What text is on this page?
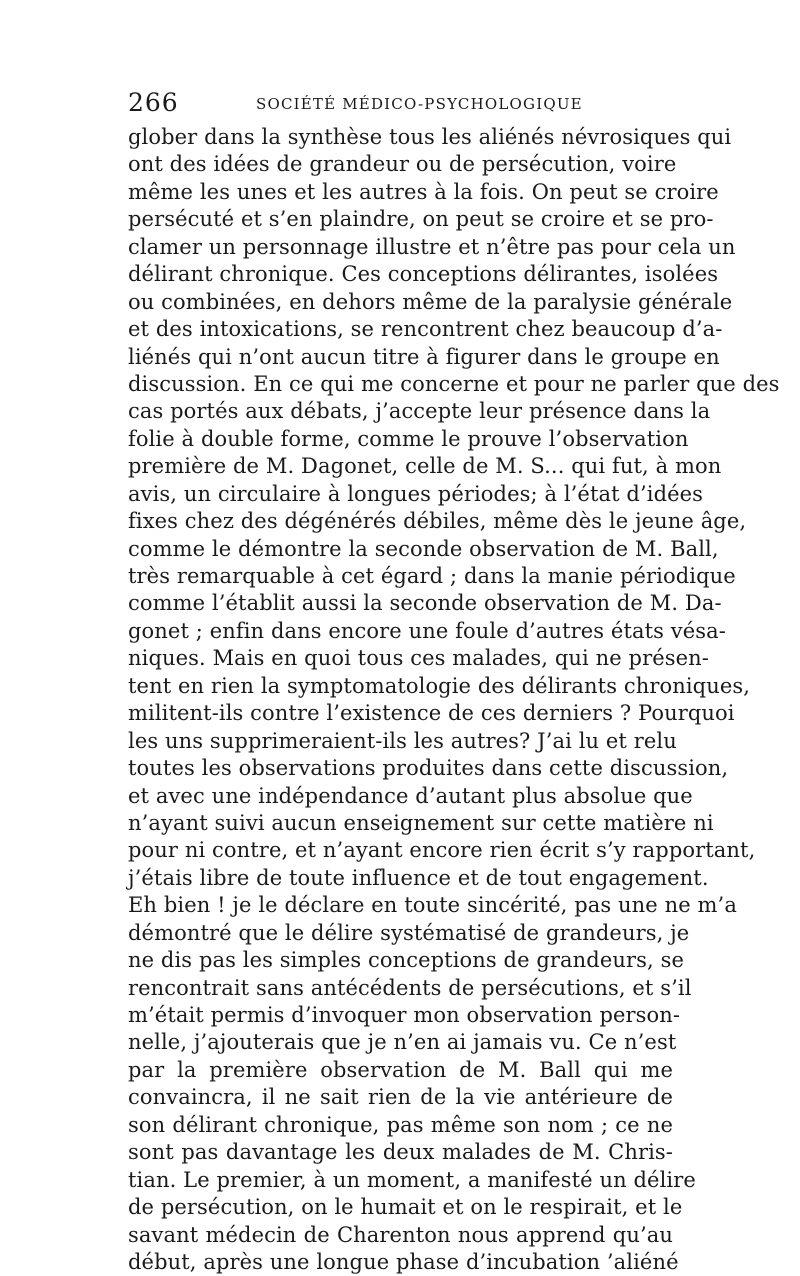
266	SOCIÉTÉ MÉDICO-PSYCHOLOGIQUE
glober dans la synthèse tous les aliénés névrosiques qui
ont des idées de grandeur ou de persécution, voire
même les unes et les autres à la fois. On peut se croire
persécuté et s’en plaindre, on peut se croire et se pro-
clamer un personnage illustre et n’être pas pour cela un
délirant chronique. Ces conceptions délirantes, isolées
ou combinées, en dehors même de la paralysie générale
et des intoxications, se rencontrent chez beaucoup d’a-
liénés qui n’ont aucun titre à figurer dans le groupe en
discussion. En ce qui me concerne et pour ne parler que des
cas portés aux débats, j’accepte leur présence dans la
folie à double forme, comme le prouve l’observation
première de M. Dagonet, celle de M. S... qui fut, à mon
avis, un circulaire à longues périodes; à l’état d’idées
fixes chez des dégénérés débiles, même dès le jeune âge,
comme le démontre la seconde observation de M. Ball,
très remarquable à cet égard ; dans la manie périodique
comme l’établit aussi la seconde observation de M. Da-
gonet ; enfin dans encore une foule d’autres états vésa-
niques. Mais en quoi tous ces malades, qui ne présen-
tent en rien la symptomatologie des délirants chroniques,
militent-ils contre l’existence de ces derniers ? Pourquoi
les uns supprimeraient-ils les autres? J’ai lu et relu
toutes les observations produites dans cette discussion,
et avec une indépendance d’autant plus absolue que
n’ayant suivi aucun enseignement sur cette matière ni
pour ni contre, et n’ayant encore rien écrit s’y rapportant,
j’étais libre de toute influence et de tout engagement.
Eh bien ! je le déclare en toute sincérité, pas une ne m’a
démontré que le délire systématisé de grandeurs, je
ne dis pas les simples conceptions de grandeurs, se
rencontrait sans antécédents de persécutions, et s’il
m’était permis d’invoquer mon observation person-
nelle, j’ajouterais que je n’en ai jamais vu. Ce n’est
par la première observation de M. Ball qui me
convaincra, il ne sait rien de la vie antérieure de
son délirant chronique, pas même son nom ; ce ne
sont pas davantage les deux malades de M. Chris-
tian. Le premier, à un moment, a manifesté un délire
de persécution, on le humait et on le respirait, et le
savant médecin de Charenton nous apprend qu’au
début, après une longue phase d’incubation ’aliéné
